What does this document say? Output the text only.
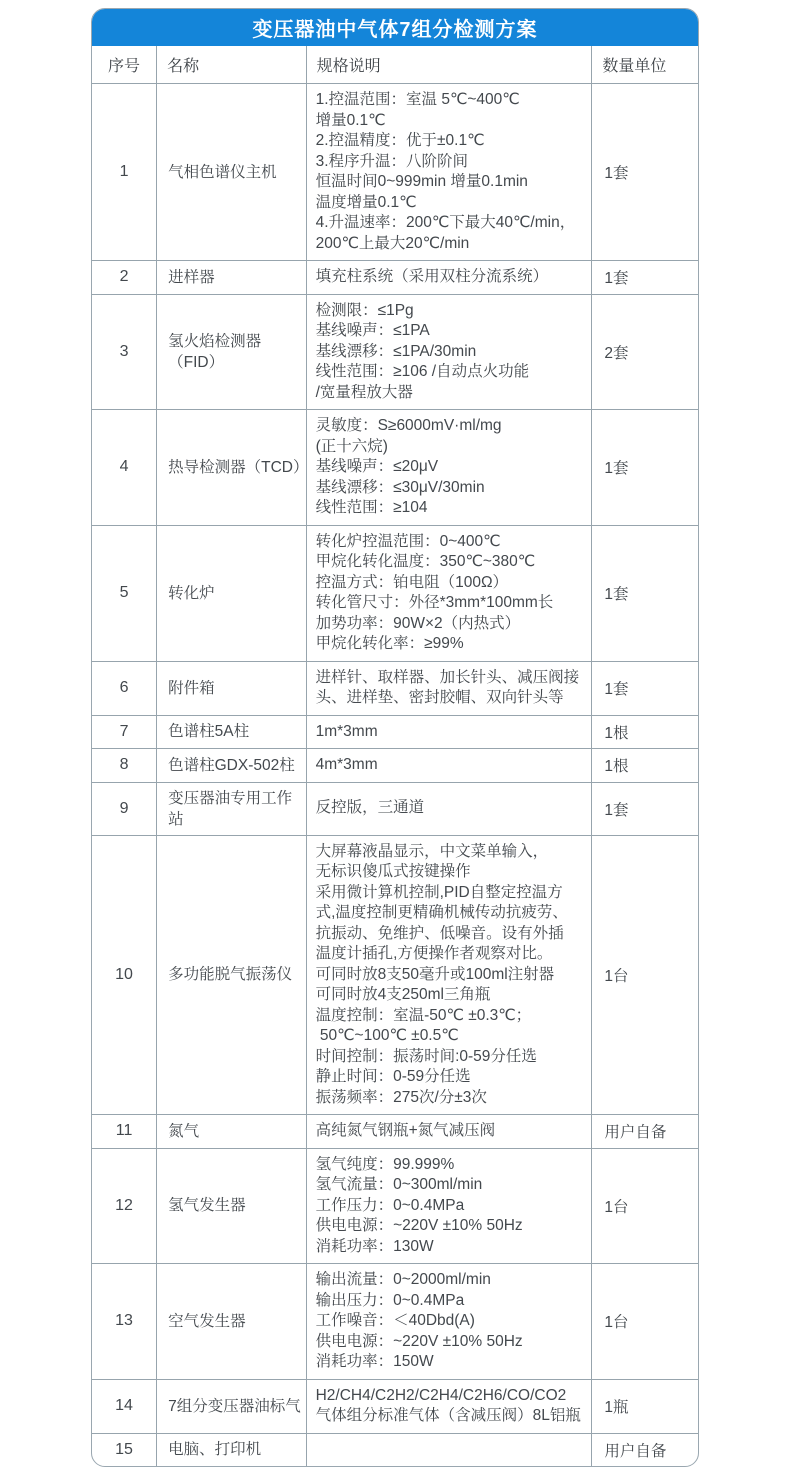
变压器油中气体7组分检测方案
序号	名称	规格说明	数量单位
1	气相色谱仪主机	
1.控温范围：室温 5℃~400℃
增量0.1℃
2.控温精度：优于±0.1℃
3.程序升温：八阶阶间
恒温时间0~999min 增量0.1min
温度增量0.1℃
4.升温速率：200℃下最大40℃/min，
200℃上最大20℃/min
	1套
2	进样器	填充柱系统（采用双柱分流系统）	1套
3	氢火焰检测器（FID）	检测限：≤1Pg
基线噪声：≤1PA
基线漂移：≤1PA/30min
线性范围：≥106 /自动点火功能
/宽量程放大器	2套
4	热导检测器（TCD）	灵敏度：S≥6000mV·ml/mg
(正十六烷)
基线噪声：≤20μV
基线漂移：≤30μV/30min
线性范围：≥104	1套
5	转化炉	
转化炉控温范围：0~400℃
甲烷化转化温度：350℃~380℃
控温方式：铂电阻（100Ω）
转化管尺寸：外径*3mm*100mm长
加势功率：90W×2（内热式）
甲烷化转化率：≥99%
	1套
6	附件箱	进样针、取样器、加长针头、减压阀接头、进样垫、密封胶帽、双向针头等	1套
7	色谱柱5A柱	1m*3mm	1根
8	色谱柱GDX-502柱	4m*3mm	1根
9	变压器油专用工作站	反控版，三通道	1套
10	多功能脱气振荡仪	
大屏幕液晶显示，中文菜单输入，
无标识傻瓜式按键操作
采用微计算机控制,PID自整定控温方
式,温度控制更精确机械传动抗疲劳、
抗振动、免维护、低噪音。设有外插
温度计插孔,方便操作者观察对比。
可同时放8支50毫升或100ml注射器
可同时放4支250ml三角瓶
温度控制：室温-50℃ ±0.3℃；
50℃~100℃ ±0.5℃
时间控制：振荡时间:0-59分任选
静止时间：0-59分任选
振荡频率：275次/分±3次
	1台
11	氮气	高纯氮气钢瓶+氮气减压阀	用户自备
12	氢气发生器	氢气纯度：99.999%
氢气流量：0~300ml/min
工作压力：0~0.4MPa
供电电源：~220V ±10% 50Hz
消耗功率：130W	1台
13	空气发生器	输出流量：0~2000ml/min
输出压力：0~0.4MPa
工作噪音：＜40Dbd(A)
供电电源：~220V ±10% 50Hz
消耗功率：150W	1台
14	7组分变压器油标气	H2/CH4/C2H2/C2H4/C2H6/CO/CO2
气体组分标准气体（含减压阀）8L铝瓶	1瓶
15	电脑、打印机		用户自备
